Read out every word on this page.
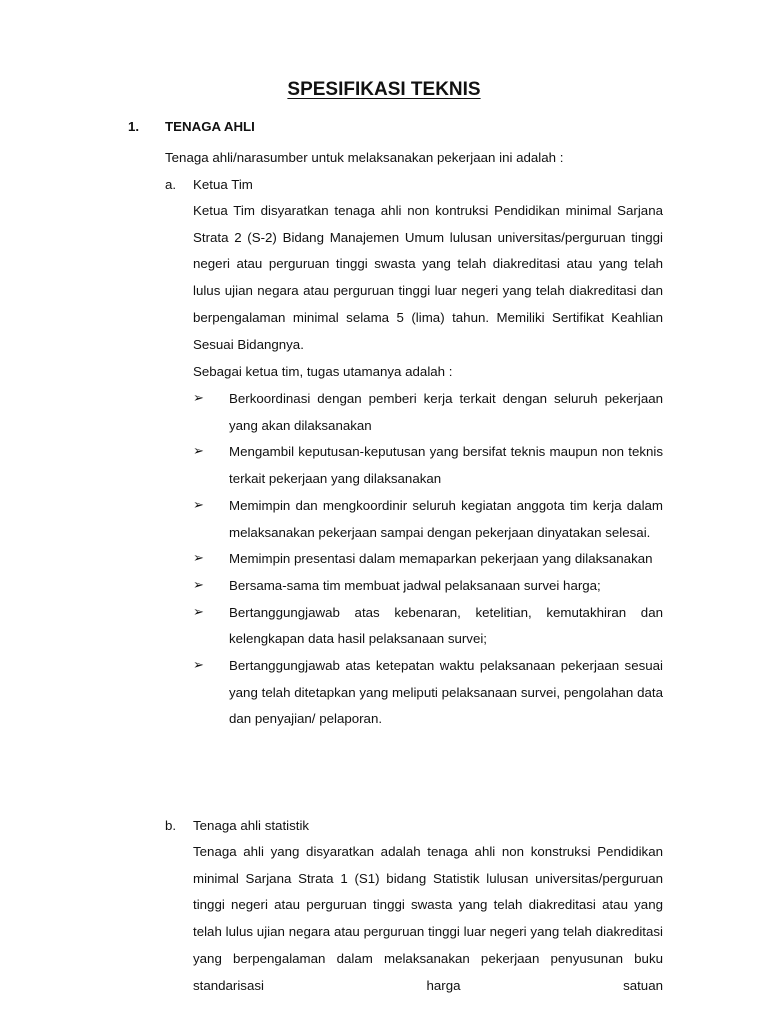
SPESIFIKASI TEKNIS
1. TENAGA AHLI
Tenaga ahli/narasumber untuk melaksanakan pekerjaan ini adalah :
a. Ketua Tim
Ketua Tim disyaratkan tenaga ahli non kontruksi Pendidikan minimal Sarjana Strata 2 (S-2) Bidang Manajemen Umum lulusan universitas/perguruan tinggi negeri atau perguruan tinggi swasta yang telah diakreditasi atau yang telah lulus ujian negara atau perguruan tinggi luar negeri yang telah diakreditasi dan berpengalaman minimal selama 5 (lima) tahun. Memiliki Sertifikat Keahlian Sesuai Bidangnya.
Sebagai ketua tim, tugas utamanya adalah :
➢ Berkoordinasi dengan pemberi kerja terkait dengan seluruh pekerjaan yang akan dilaksanakan
➢ Mengambil keputusan-keputusan yang bersifat teknis maupun non teknis terkait pekerjaan yang dilaksanakan
➢ Memimpin dan mengkoordinir seluruh kegiatan anggota tim kerja dalam melaksanakan pekerjaan sampai dengan pekerjaan dinyatakan selesai.
➢ Memimpin presentasi dalam memaparkan pekerjaan yang dilaksanakan
➢ Bersama-sama tim membuat jadwal pelaksanaan survei harga;
➢ Bertanggungjawab atas kebenaran, ketelitian, kemutakhiran dan kelengkapan data hasil pelaksanaan survei;
➢ Bertanggungjawab atas ketepatan waktu pelaksanaan pekerjaan sesuai yang telah ditetapkan yang meliputi pelaksanaan survei, pengolahan data dan penyajian/ pelaporan.
b. Tenaga ahli statistik
Tenaga ahli yang disyaratkan adalah tenaga ahli non konstruksi Pendidikan minimal Sarjana Strata 1 (S1) bidang Statistik lulusan universitas/perguruan tinggi negeri atau perguruan tinggi swasta yang telah diakreditasi atau yang telah lulus ujian negara atau perguruan tinggi luar negeri yang telah diakreditasi yang berpengalaman dalam melaksanakan pekerjaan penyusunan buku standarisasi harga satuan
